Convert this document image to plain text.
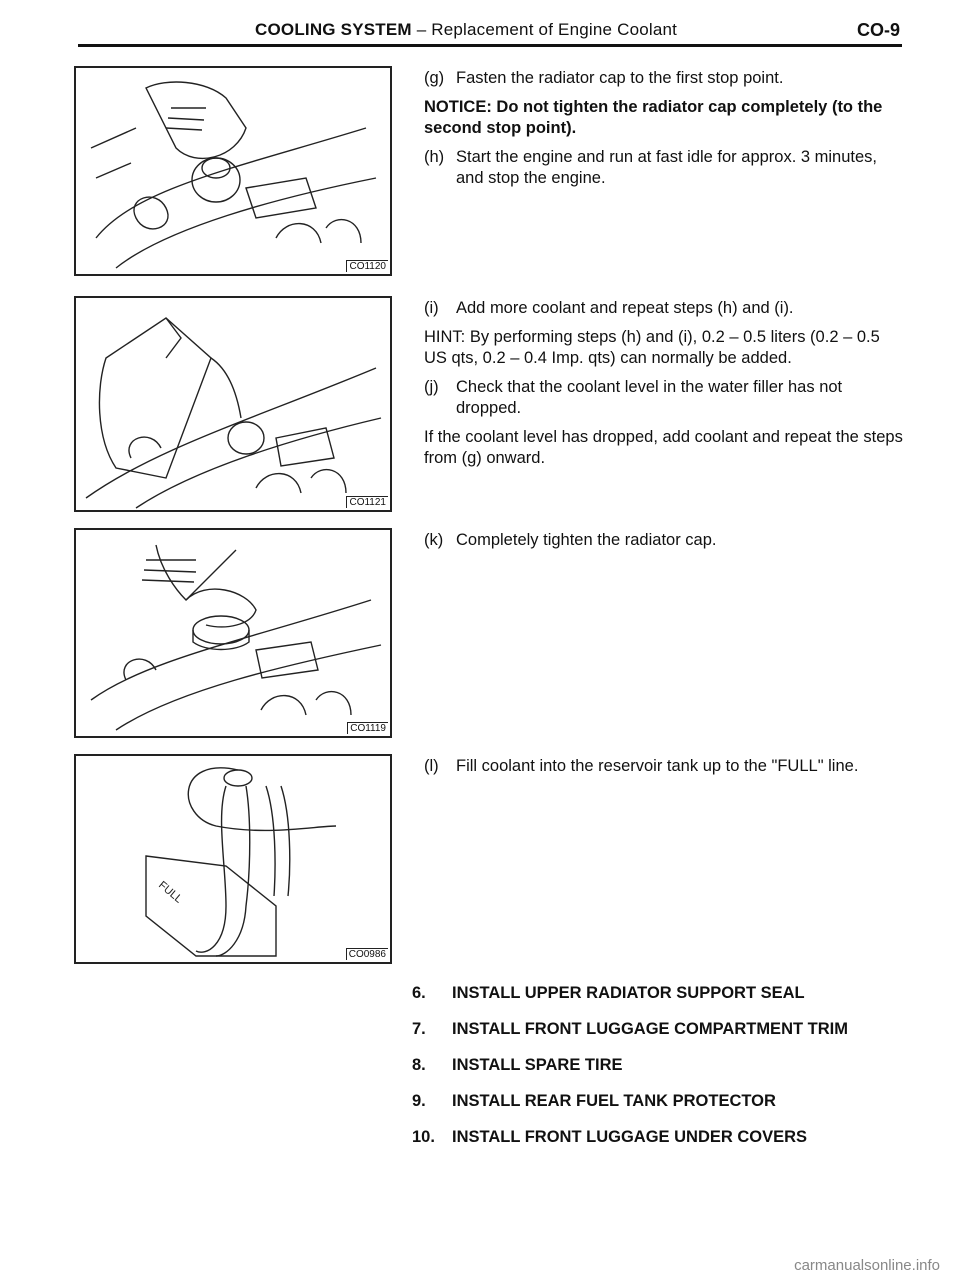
COOLING SYSTEM – Replacement of Engine Coolant	CO-9
CO1120
CO1121
CO1119
FULL
CO0986

(g) Fasten the radiator cap to the first stop point.

NOTICE: Do not tighten the radiator cap completely (to the second stop point).

(h) Start the engine and run at fast idle for approx. 3 minutes, and stop the engine.

(i)	Add more coolant and repeat steps (h) and (i).

HINT: By performing steps (h) and (i), 0.2 – 0.5 liters (0.2 – 0.5 US qts, 0.2 – 0.4 Imp. qts) can normally be added.

(j)	Check that the coolant level in the water filler has not dropped.

If the coolant level has dropped, add coolant and repeat the steps from (g) onward.

(k) Completely tighten the radiator cap.

(l)	Fill coolant into the reservoir tank up to the "FULL" line.

6.	INSTALL UPPER RADIATOR SUPPORT SEAL
7.	INSTALL FRONT LUGGAGE COMPARTMENT TRIM
8.	INSTALL SPARE TIRE
9.	INSTALL REAR FUEL TANK PROTECTOR
10.	INSTALL FRONT LUGGAGE UNDER COVERS
carmanualsonline.info
